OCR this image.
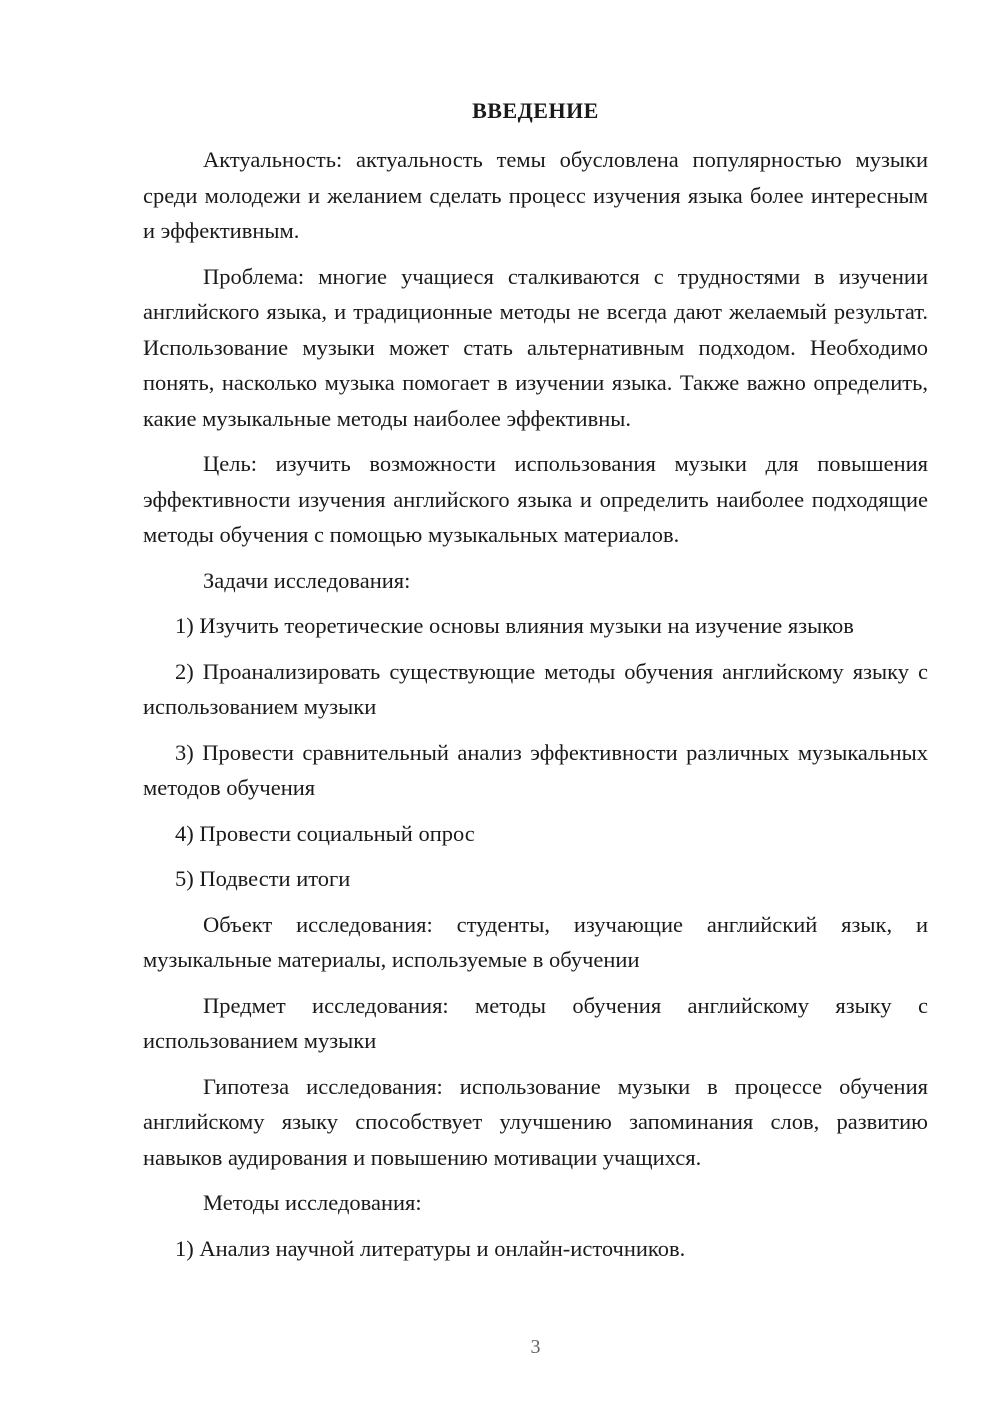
ВВЕДЕНИЕ

Актуальность: актуальность темы обусловлена популярностью музыки среди молодежи и желанием сделать процесс изучения языка более интересным и эффективным.

Проблема: многие учащиеся сталкиваются с трудностями в изучении английского языка, и традиционные методы не всегда дают желаемый результат. Использование музыки может стать альтернативным подходом. Необходимо понять, насколько музыка помогает в изучении языка. Также важно определить, какие музыкальные методы наиболее эффективны.

Цель: изучить возможности использования музыки для повышения эффективности изучения английского языка и определить наиболее подходящие методы обучения с помощью музыкальных материалов.

Задачи исследования:

1) Изучить теоретические основы влияния музыки на изучение языков

2) Проанализировать существующие методы обучения английскому языку с использованием музыки

3) Провести сравнительный анализ эффективности различных музыкальных методов обучения

4) Провести социальный опрос

5) Подвести итоги

Объект исследования: студенты, изучающие английский язык, и музыкальные материалы, используемые в обучении

Предмет исследования: методы обучения английскому языку с использованием музыки

Гипотеза исследования: использование музыки в процессе обучения английскому языку способствует улучшению запоминания слов, развитию навыков аудирования и повышению мотивации учащихся.

Методы исследования:

1) Анализ научной литературы и онлайн-источников.

3
